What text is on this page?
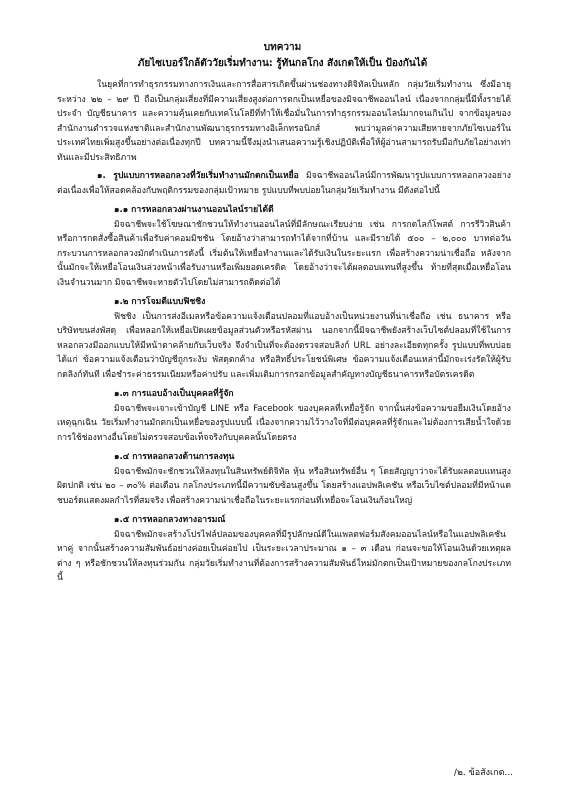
บทความ
ภัยไซเบอร์ใกล้ตัววัยเริ่มทำงาน: รู้ทันกลโกง สังเกตให้เป็น ป้องกันได้

ในยุคที่การทำธุรกรรมทางการเงินและการสื่อสารเกิดขึ้นผ่านช่องทางดิจิทัลเป็นหลัก กลุ่มวัยเริ่มทำงาน ซึ่งมีอายุระหว่าง ๒๒ – ๒๙ ปี ถือเป็นกลุ่มเสี่ยงที่มีความเสี่ยงสูงต่อการตกเป็นเหยื่อของมิจฉาชีพออนไลน์ เนื่องจากกลุ่มนี้มีทั้งรายได้ประจำ บัญชีธนาคาร และความคุ้นเคยกับเทคโนโลยีที่ทำให้เชื่อมั่นในการทำธุรกรรมออนไลน์มากจนเกินไป จากข้อมูลของสำนักงานตำรวจแห่งชาติและสำนักงานพัฒนาธุรกรรมทางอิเล็กทรอนิกส์ พบว่ามูลค่าความเสียหายจากภัยไซเบอร์ในประเทศไทยเพิ่มสูงขึ้นอย่างต่อเนื่องทุกปี บทความนี้จึงมุ่งนำเสนอความรู้เชิงปฏิบัติเพื่อให้ผู้อ่านสามารถรับมือกับภัยไอย่างเท่าทันและมีประสิทธิภาพ

๑. รูปแบบการหลอกลวงที่วัยเริ่มทำงานมักตกเป็นเหยื่อ มิจฉาชีพออนไลน์มีการพัฒนารูปแบบการหลอกลวงอย่างต่อเนื่องเพื่อให้สอดคล้องกับพฤติกรรมของกลุ่มเป้าหมาย รูปแบบที่พบบ่อยในกลุ่มวัยเริ่มทำงาน มีดังต่อไปนี้

๑.๑ การหลอกลวงผ่านงานออนไลน์รายได้ดี

มิจฉาชีพจะใช้โฆษณาชักชวนให้ทำงานออนไลน์ที่มีลักษณะเรียบง่าย เช่น การกดไลก์โพสต์ การรีวิวสินค้าหรือการกดสั่งซื้อสินค้าเพื่อรับค่าคอมมิชชัน โดยอ้างว่าสามารถทำได้จากที่บ้าน และมีรายได้ ๕๐๐ – ๒,๐๐๐ บาทต่อวัน กระบวนการหลอกลวงมักดำเนินการดังนี้ เริ่มต้นให้เหยื่อทำงานและได้รับเงินในระยะแรก เพื่อสร้างความน่าเชื่อถือ หลังจากนั้นมักจะให้เหยื่อโอนเงินล่วงหน้าเพื่อรับงานหรือเพิ่มยอดเครดิต โดยอ้างว่าจะได้ผลตอบแทนที่สูงขึ้น ท้ายที่สุดเมื่อเหยื่อโอนเงินจำนวนมาก มิจฉาชีพจะหายตัวไปโดยไม่สามารถติดต่อได้

๑.๒ การโจมตีแบบฟิชชิง

ฟิชชิง เป็นการส่งอีเมลหรือข้อความแจ้งเตือนปลอมที่แอบอ้างเป็นหน่วยงานที่น่าเชื่อถือ เช่น ธนาคาร หรือบริษัทขนส่งพัสดุ เพื่อหลอกให้เหยื่อเปิดเผยข้อมูลส่วนตัวหรือรหัสผ่าน นอกจากนี้มิจฉาชีพยังสร้างเว็บไซต์ปลอมที่ใช้ในการหลอกลวงมีออกแบบให้มีหน้าตาคล้ายกับเว็บจริง จึงจำเป็นที่จะต้องตรวจสอบลิงก์ URL อย่างละเอียดทุกครั้ง รูปแบบที่พบบ่อย ได้แก่ ข้อความแจ้งเตือนว่าบัญชีถูกระงับ พัสดุตกค้าง หรือสิทธิ์ประโยชน์พิเศษ ข้อความแจ้งเตือนเหล่านี้มักจะเร่งรัดให้ผู้รับกดลิงก์ทันที เพื่อชำระค่าธรรมเนียมหรือค่าปรับ และเพิ่มเติมการกรอกข้อมูลสำคัญทางบัญชีธนาคารหรือบัตรเครดิต

๑.๓ การแอบอ้างเป็นบุคคลที่รู้จัก

มิจฉาชีพจะเจาะเข้าบัญชี LINE หรือ Facebook ของบุคคลที่เหยื่อรู้จัก จากนั้นส่งข้อความขอยืมเงินโดยอ้างเหตุฉุกเฉิน วัยเริ่มทำงานมักตกเป็นเหยื่อของรูปแบบนี้ เนื่องจากความไว้วางใจที่มีต่อบุคคลที่รู้จักและไม่ต้องการเสียน้ำใจด้วยการใช้ช่องทางอื่นโดยไม่ตรวจสอบข้อเท็จจริงกับบุคคลนั้นโดยตรง

๑.๔ การหลอกลวงด้านการลงทุน

มิจฉาชีพมักจะชักชวนให้ลงทุนในสินทรัพย์ดิจิทัล หุ้น หรือสินทรัพย์อื่น ๆ โดยสัญญาว่าจะได้รับผลตอบแทนสูงผิดปกติ เช่น ๒๐ – ๓๐% ต่อเดือน กลโกงประเภทนี้มีความซับซ้อนสูงขึ้น โดยสร้างแอปพลิเคชัน หรือเว็บไซต์ปลอมที่มีหน้าแดชบอร์ดแสดงผลกำไรที่สมจริง เพื่อสร้างความน่าเชื่อถือในระยะแรกก่อนที่เหยื่อจะโอนเงินก้อนใหญ่

๑.๕ การหลอกลวงทางอารมณ์

มิจฉาชีพมักจะสร้างโปรไฟล์ปลอมของบุคคลที่มีรูปลักษณ์ดีในแพลตฟอร์มสังคมออนไลน์หรือในแอปพลิเคชันหาคู่ จากนั้นสร้างความสัมพันธ์อย่างค่อยเป็นค่อยไป เป็นระยะเวลาประมาณ ๑ – ๓ เดือน ก่อนจะขอให้โอนเงินด้วยเหตุผลต่าง ๆ หรือชักชวนให้ลงทุนร่วมกัน กลุ่มวัยเริ่มทำงานที่ต้องการสร้างความสัมพันธ์ใหม่มักตกเป็นเป้าหมายของกลโกงประเภทนี้

/๒. ข้อสังเกต...
